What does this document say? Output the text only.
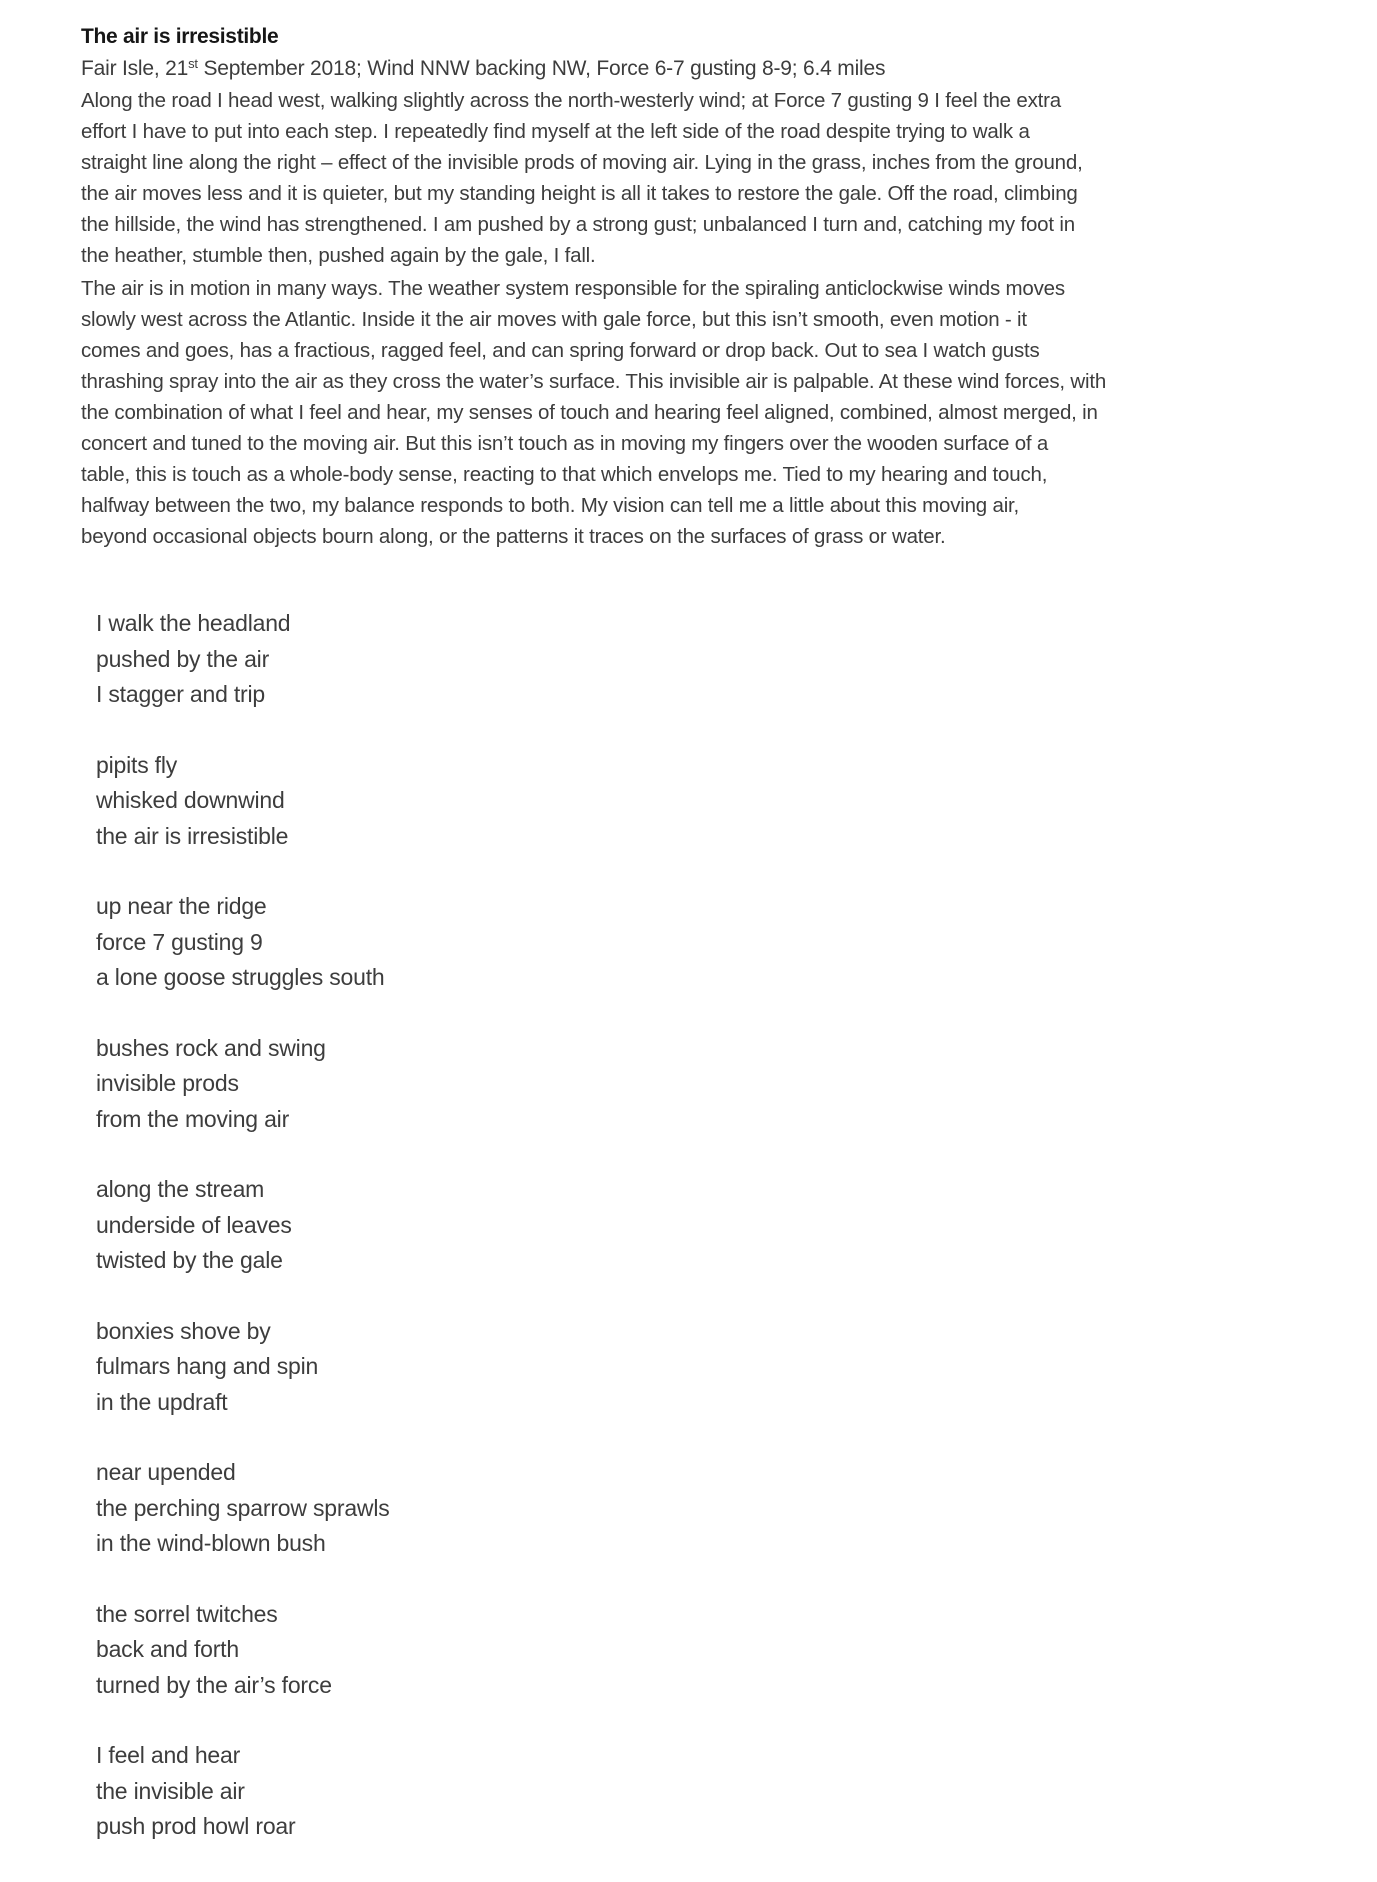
The air is irresistible

Fair Isle, 21st September 2018; Wind NNW backing NW, Force 6-7 gusting 8-9; 6.4 miles

Along the road I head west, walking slightly across the north-westerly wind; at Force 7 gusting 9 I feel the extra
effort I have to put into each step. I repeatedly find myself at the left side of the road despite trying to walk a
straight line along the right – effect of the invisible prods of moving air. Lying in the grass, inches from the ground,
the air moves less and it is quieter, but my standing height is all it takes to restore the gale. Off the road, climbing
the hillside, the wind has strengthened. I am pushed by a strong gust; unbalanced I turn and, catching my foot in
the heather, stumble then, pushed again by the gale, I fall.

The air is in motion in many ways. The weather system responsible for the spiraling anticlockwise winds moves
slowly west across the Atlantic. Inside it the air moves with gale force, but this isn’t smooth, even motion - it
comes and goes, has a fractious, ragged feel, and can spring forward or drop back. Out to sea I watch gusts
thrashing spray into the air as they cross the water’s surface. This invisible air is palpable. At these wind forces, with
the combination of what I feel and hear, my senses of touch and hearing feel aligned, combined, almost merged, in
concert and tuned to the moving air. But this isn’t touch as in moving my fingers over the wooden surface of a
table, this is touch as a whole-body sense, reacting to that which envelops me. Tied to my hearing and touch,
halfway between the two, my balance responds to both. My vision can tell me a little about this moving air,
beyond occasional objects bourn along, or the patterns it traces on the surfaces of grass or water.

I walk the headland
pushed by the air
I stagger and trip
pipits fly
whisked downwind
the air is irresistible
up near the ridge
force 7 gusting 9
a lone goose struggles south
bushes rock and swing
invisible prods
from the moving air
along the stream
underside of leaves
twisted by the gale
bonxies shove by
fulmars hang and spin
in the updraft
near upended
the perching sparrow sprawls
in the wind-blown bush
the sorrel twitches
back and forth
turned by the air’s force
I feel and hear
the invisible air
push prod howl roar
